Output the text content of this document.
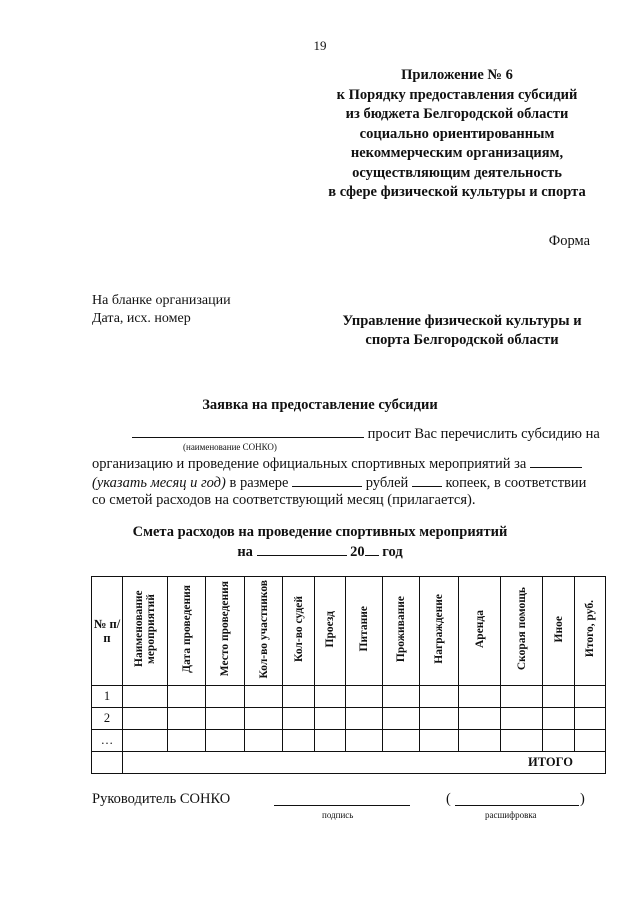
19
Приложение № 6
к Порядку предоставления субсидий
из бюджета Белгородской области
социально ориентированным
некоммерческим организациям,
осуществляющим деятельность
в сфере физической культуры и спорта
Форма
На бланке организации
Дата, исх. номер	Управление физической культуры и
спорта Белгородской области
Заявка на предоставление субсидии
просит Вас перечислить субсидию на
(наименование СОНКО)
организацию и проведение официальных спортивных мероприятий за
(указать месяц и год) в размере	рублей  копеек, в соответствии
со сметой расходов на соответствующий месяц (прилагается).
Смета расходов на проведение спортивных мероприятий
на	20 год
№ п/п	Наименование мероприятий	Дата проведения	Место проведения	Кол-во участников	Кол-во судей	Проезд	Питание	Проживание	Награждение	Аренда	Скорая помощь	Иное	Итого, руб.
1													
2													
…													
	ИТОГО												
Руководитель СОНКО
подпись
(	)
расшифровка
